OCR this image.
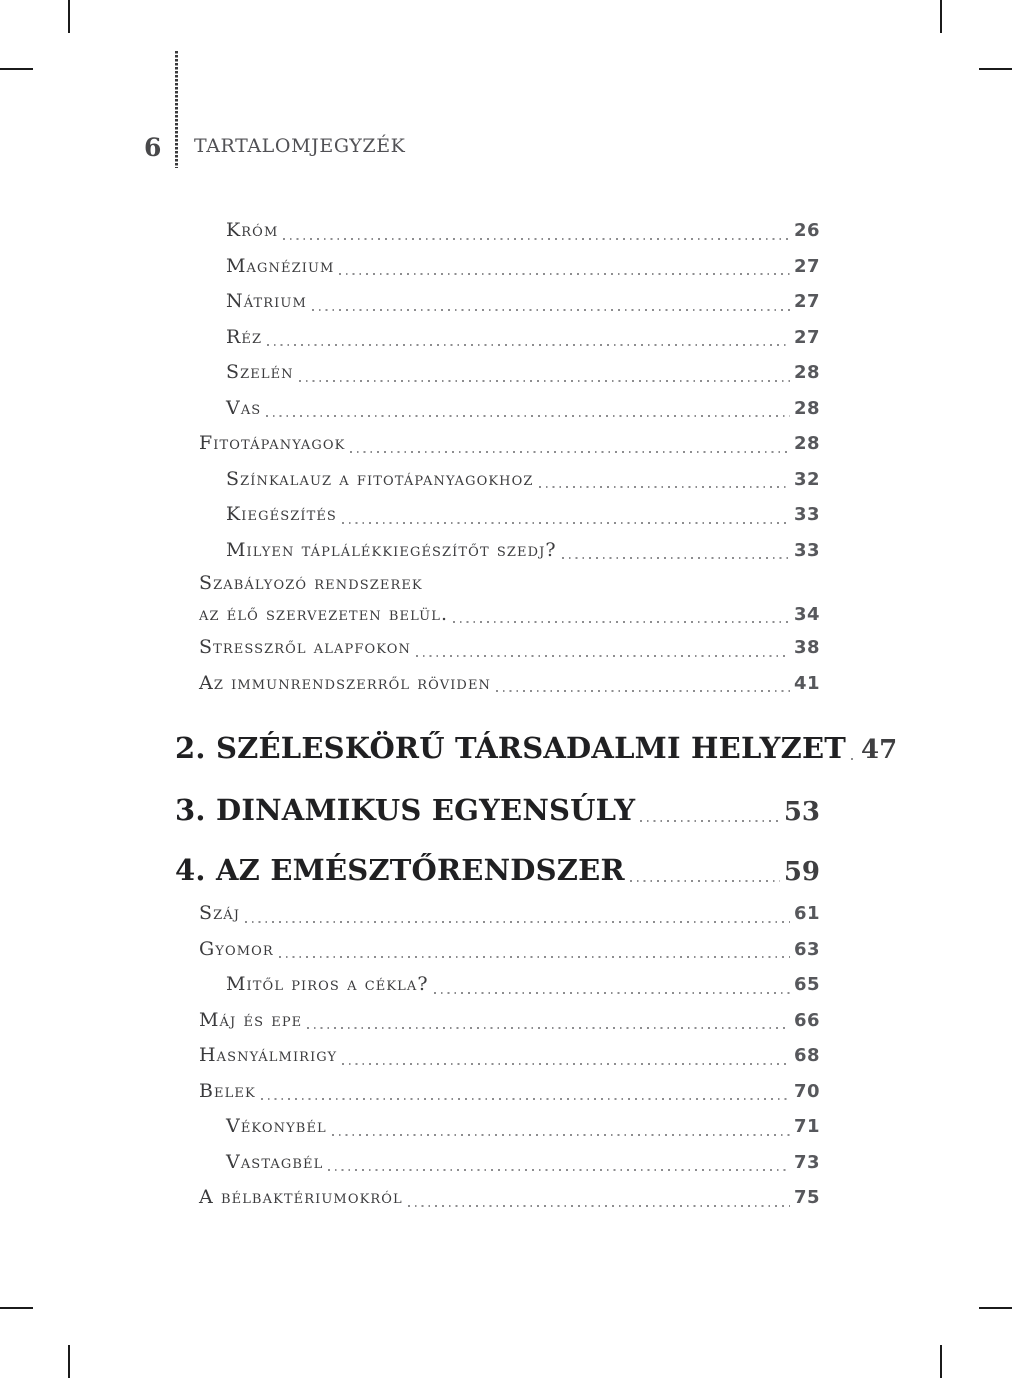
6 TARTALOMJEGYZÉK
Króm	26
Magnézium	27
Nátrium	27
Réz	27
Szelén	28
Vas	28
Fitotápanyagok	28
Színkalauz a fitotápanyagokhoz	32
Kiegészítés	33
Milyen táplálékkiegészítőt szedj?	33
Szabályozó rendszerek
az élő szervezeten belül.	34
Stresszről alapfokon	38
Az immunrendszerről röviden	41
2. SZÉLESKÖRŰ TÁRSADALMI HELYZET 47
3. DINAMIKUS EGYENSÚLY	53
4. AZ EMÉSZTŐRENDSZER	59
Száj	61
Gyomor	63
Mitől piros a cékla?	65
Máj és epe	66
Hasnyálmirigy	68
Belek	70
Vékonybél	71
Vastagbél	73
A bélbaktériumokról	75
